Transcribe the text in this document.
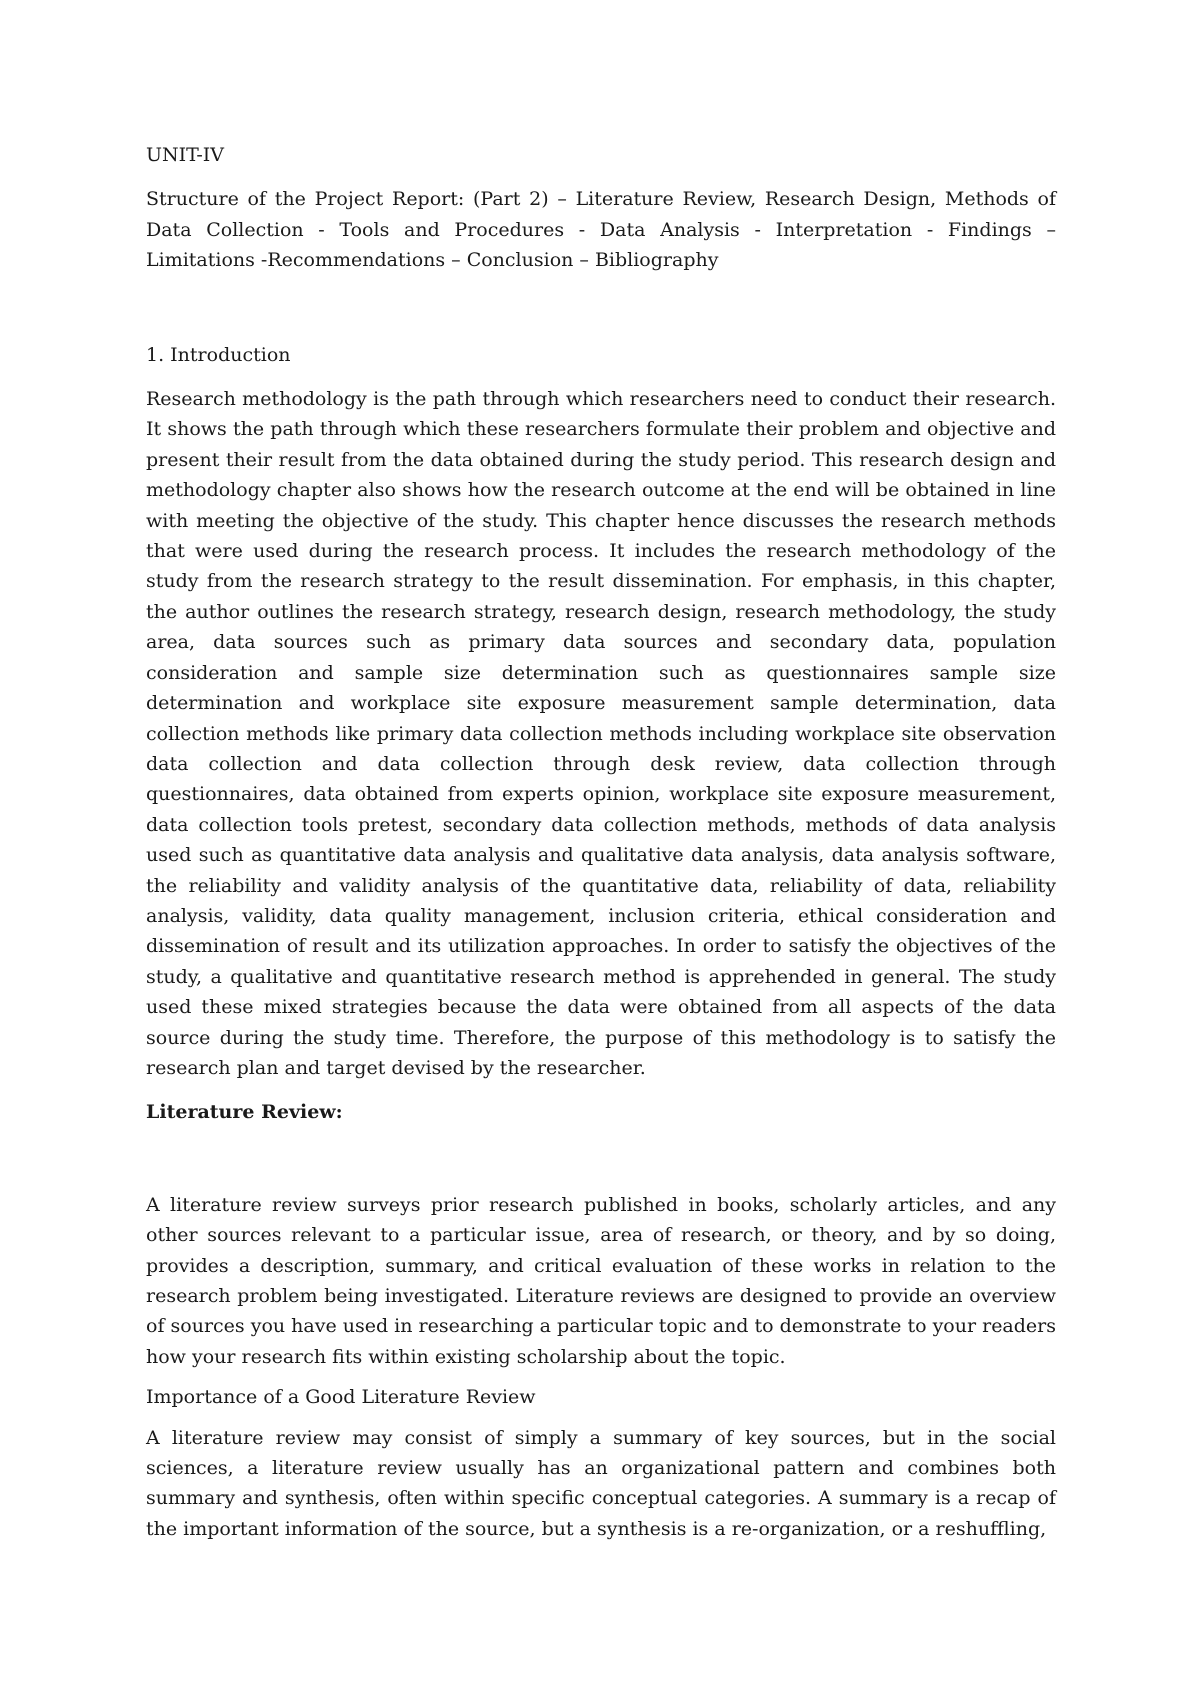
UNIT-IV

Structure of the Project Report: (Part 2) – Literature Review, Research Design, Methods of Data Collection - Tools and Procedures - Data Analysis - Interpretation - Findings – Limitations -Recommendations – Conclusion – Bibliography

1. Introduction

Research methodology is the path through which researchers need to conduct their research. It shows the path through which these researchers formulate their problem and objective and present their result from the data obtained during the study period. This research design and methodology chapter also shows how the research outcome at the end will be obtained in line with meeting the objective of the study. This chapter hence discusses the research methods that were used during the research process. It includes the research methodology of the study from the research strategy to the result dissemination. For emphasis, in this chapter, the author outlines the research strategy, research design, research methodology, the study area, data sources such as primary data sources and secondary data, population consideration and sample size determination such as questionnaires sample size determination and workplace site exposure measurement sample determination, data collection methods like primary data collection methods including workplace site observation data collection and data collection through desk review, data collection through questionnaires, data obtained from experts opinion, workplace site exposure measurement, data collection tools pretest, secondary data collection methods, methods of data analysis used such as quantitative data analysis and qualitative data analysis, data analysis software, the reliability and validity analysis of the quantitative data, reliability of data, reliability analysis, validity, data quality management, inclusion criteria, ethical consideration and dissemination of result and its utilization approaches. In order to satisfy the objectives of the study, a qualitative and quantitative research method is apprehended in general. The study used these mixed strategies because the data were obtained from all aspects of the data source during the study time. Therefore, the purpose of this methodology is to satisfy the research plan and target devised by the researcher.

Literature Review:

A literature review surveys prior research published in books, scholarly articles, and any other sources relevant to a particular issue, area of research, or theory, and by so doing, provides a description, summary, and critical evaluation of these works in relation to the research problem being investigated. Literature reviews are designed to provide an overview of sources you have used in researching a particular topic and to demonstrate to your readers how your research fits within existing scholarship about the topic.

Importance of a Good Literature Review

A literature review may consist of simply a summary of key sources, but in the social sciences, a literature review usually has an organizational pattern and combines both summary and synthesis, often within specific conceptual categories. A summary is a recap of the important information of the source, but a synthesis is a re-organization, or a reshuffling,
